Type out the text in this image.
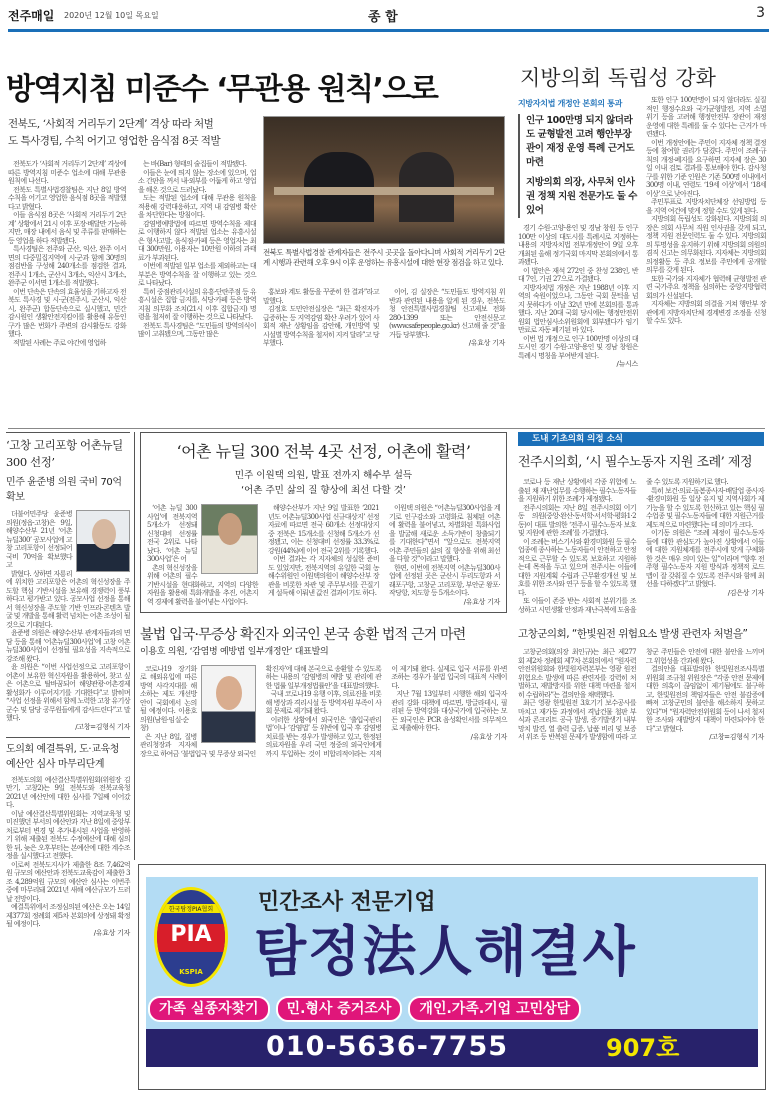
전주매일 2020년 12월 10일 목요일	종 합	3
방역지침 미준수 ‘무관용 원칙’으로
전북도, ‘사회적 거리두기 2단계’ 격상 따라 처벌
도 특사경팀, 수칙 어기고 영업한 음식점 8곳 적발

전북도가 ‘사회적 거리두기 2단계’ 격상에 따른 방역지침 미준수 업소에 대해 무관용 원칙에 나선다.

전북도 특별사법경찰팀은 지난 8일 방역수칙을 어기고 영업한 음식점 8곳을 적발했다고 밝혔다.

이들 음식점 8곳은 ‘사회적 거리두기 2단계’ 상황에서 21시 이후 포장·배달만 가능하지만, 매장 내에서 음식 및 주류를 판매하는 등 영업을 하다 적발됐다.

특사경팀은 전주와 군산, 익산, 완주 이서면의 다중밀집지역에 시·군과 함께 30명의 점검반을 구성해 240개소를 점검한 결과, 전주시 1개소, 군산시 3개소, 익산시 3개소, 완주군 이서면 1개소를 적발했다.

이번 단속은 단속의 효율성을 기하고자 전북도 특사경 및 시·군(전주시, 군산시, 익산시, 완주군) 합동단속으로 실시했고, 민간 감시원인 생활안전지킴이를 활용해 유동인구가 많은 번화가 주변의 감시활동도 강화했다.

적발된 사례는 주로 야간에 영업하

는 바(Bar) 형태의 술집들이 적발됐다.

이들은 눈에 띄지 않는 장소에 있으며, 업소 간판을 꺼서 내·외부를 어둡게 하고 영업을 해온 것으로 드러났다.

도는 적발된 업소에 대해 무관용 원칙을 적용해 강력대응하고, 지역 내 감염병 확산을 차단한다는 방침이다.

감염병예방법에 따르면 방역수칙을 제대로 이행하지 않다 적발된 업소는 유흥시설은 형사고발, 음식점·카페 등은 영업자는 최대 300만원, 이용자는 10만원 이하의 과태료가 부과된다.

이번에 적발된 일부 업소를 제외하고는 대부분은 방역수칙을 잘 이행하고 있는 것으로 나타났다.

특히 중점관리시설의 유흥·단란주점 등 유흥시설은 집합 금지를, 식당·카페 등은 방역지침 의무화 조치(21시 이후 집합금지) 명령을 철저히 잘 이행하는 것으로 나타났다.

전북도 특사경팀은 “도민들의 방역의식이 많이 고취됐으며, 그동안 많은

전북도 특별사법경찰 관계자들은 전주시 곳곳을 돌아다니며 사회적 거리두기 2단계 시행과 관련해 오후 9시 이후 운영하는 유흥시설에 대한 현장 점검을 하고 있다.

홍보와 계도 활동을 꾸준히 한 결과”라고 말했다.

김정호 도민안전실장은 “최근 확진자가 급증하는 등 지역감염 확산 우려가 있어 사회적 재난 상황임을 감안해, 개인방역 및 시설별 방역수칙을 철저히 지켜 달라”고 당부했다.

이어, 김 실장은 “도민들도 방역지침 위반과 관련된 내용을 알게 된 경우, 전북도청 안전특별사법경찰팀 신고제보 전화 280-1399 또는 안전신문고(www.safepeople.go.kr) 신고해 줄 것”을 거듭 당부했다.

/유효상 기자
지방의회 독립성 강화
지방자치법 개정안 본회의 통과
인구 100만명 되지 않더라도 균형발전 고려 행안부장관이 재정 운영 특례 근거도 마련
지방의회 의장, 사무처 인사권 정책 지원 전문가도 둘 수 있어

경기 수원·고양·용인 및 경남 창원 등 인구 100만 이상의 대도시를 특례시로 지정하는 내용의 지방자치법 전부개정안이 9일 오후 개최된 올해 정기국회 마지막 본회의에서 통과됐다.

이 법안은 재석 272인 중 찬성 238인, 반대 7인, 기권 27으로 가결됐다.

지방자치법 개정은 지난 1988년 이후 지역의 숙원이었으나, 그동안 국회 문턱을 넘지 못하다가 이날 32년 만에 본회의를 통과했다. 지난 20대 국회 당시에는 행정안전위원회 법안심사소위원회에 회부됐다가 임기만료로 자동 폐기된 바 있다.

이번 법 개정으로 인구 100만명 이상의 대도시인 경기 수원·고양·용인 및 경남 창원은 특례시 명칭을 부여받게 된다.

/뉴시스

또한 인구 100만명이 되지 않더라도 실질적인 행정수요와 국가균형발전, 지역 소멸 위기 등을 고려해 행정안전부 장관이 재정 운영에 대한 특례를 둘 수 있다는 근거가 마련됐다.

이번 개정안에는 주민이 지자체 정책 결정 등에 참여할 권리가 담겼다. 주민이 조례·규칙의 개정·폐지를 요구하면 지자체 장은 30일 이내 검토 결과를 통보해야 한다. 감사청구를 위한 기준 인원은 기존 500명 이내에서 300명 이내, 연령도 ‘19세 이상’에서 ‘18세 이상’으로 낮아진다.

주민투표로 지방자치단체장 선임방법 등을 지역 여건에 맞게 정할 수도 있게 된다.

지방의회 독립성도 강화된다. 지방의회 의장은 의회 사무처 직원 인사권을 갖게 되고, 정책 지원 전문인력도 둘 수 있다. 지방의회의 투명성을 유지하기 위해 지방의회 의원의 겸직 신고는 의무화된다. 지자체는 지방의회 의정활동 등 주요 정보를 주민에게 공개할 의무를 갖게 된다.

또한 국가와 지자체가 협력해 균형발전 관련 국가주요 정책을 심의하는 중앙지방협력회의가 신설된다.

지자체는 지방의회 의결을 거쳐 행안부 장관에게 지방자치단체 경계변경 조정을 신청할 수도 있다.

‘고창 고리포항 어촌뉴딜 300 선정’
민주 윤준병 의원 국비 70억 확보
더불어민주당 윤준병 의원(정읍·고창)은 9일, 해양수산부 21년 ‘어촌뉴딜300’ 공모사업에 고창 고리포항이 선정되어 국비 70억을 확보했다고

밝혔다. 상하면 자룡리에 위치한 고리포항은 어촌의 혁신성장을 주도할 핵심 기반시설을 보유해 경쟁력이 풍부하다고 평가받고 있다. 공모사업 선정을 통해서 혁신성장을 주도할 기반 인프라·콘텐츠 발굴 및 개발을 통해 활력 넘치는 어촌 조성이 될 것으로 기대된다.

윤준병 의원은 해양수산부 관계자들과의 면담 등을 통해 ‘어촌뉴딜300사업’에 고창 어촌뉴딜300사업이 선정될 필요성을 지속적으로 강조해 왔다.

윤 의원은 “이번 사업선정으로 고리포항이 어촌이 보유한 혁신자원을 활용하여, 찾고 싶은 어촌으로 탈바꿈되어 해양관광·어촌경제 활성화가 이루어지기를 기대한다”고 밝히며 “사업 선정을 위해서 함께 노력한 고창 유기상 군수 및 담당 공무원들에게 감사드린다”고 말했다.

/고창=김형식 기자
도의회 예결특위, 도·교육청 예산안 심사 마무리단계

전북도의회 예산결산특별위원회(위원장 김만기, 고창2)는 9일 전북도와 전북교육청 2021년 예산안에 대한 심사를 7일째 이어갔다.

이날 예산결산특별위원회는 지역교육청 및 미진했던 부서의 예산안과 지난 8일에 중앙부처로부터 변경 및 추가내시된 사업을 반영하기 위해 제출된 전북도 수정예산에 대해 심의한 뒤, 늦은 오후부터는 본예산에 대한 계수조정을 실시했다고 전했다.

이로써 전북도지사가 제출한 8조 7,462억원 규모의 예산안과 전북도교육감이 제출한 3조 4,289억원 규모의 예산안 심사는 이번주 중에 마무리돼 2021년 새해 예산규모가 드러날 전망이다.

예결특위에서 조정심의된 예산은 오는 14일 제377회 정례회 제5차 본회의에 상정돼 확정될 예정이다.

/유효상 기자
‘어촌 뉴딜 300 전북 4곳 선정, 어촌에 활력’
민주 이원택 의원, 발표 전까지 해수부 설득
‘어촌 주민 삶의 질 향상에 최선 다할 것’
‘어촌 뉴딜 300사업’에 전북지역 5개소가 선정돼 신청대비 선정률 전국 2위로 나타났다. ‘어촌 뉴딜 300사업’은 어

촌의 혁신성장을 위해 어촌의 필수 기반시설을 현대화하고, 지역의 다양한 자원을 활용해 특화개발을 추진, 어촌지역 경제에 활력을 불어넣는 사업이다.

해양수산부가 지난 9일 발표한 ‘2021년도 어촌뉴딜300사업 신규대상지’ 선정자료에 따르면 전국 60개소 선정대상지 중 전북은 15개소를 신청해 5개소가 선정됐고, 이는 신청대비 선정률 33.3%로 강원(44%)에 이어 전국 2위를 기록했다.

이번 결과는 각 지자체의 성실한 준비도 있었지만, 전북지역의 유일한 국회 농해수위원인 이원택의원이 해양수산부 장관을 비롯한 차관 및 주무부서를 끈질기게 설득해 이뤄낸 값진 결과이기도 하다.

이원택 의원은 “어촌뉴딜300사업을 계기로 인구감소와 고령화로 침체된 어촌에 활력을 불어넣고, 차별화된 특화사업을 발굴해 새로운 소득기반이 창출되기를 기대한다”면서 “앞으로도 전북지역 어촌 주민들의 삶의 질 향상을 위해 최선을 다할 것”이라고 말했다.

한편, 이번에 전북지역 어촌뉴딜300사업에 선정된 곳은 군산시 두리도항과 서래포구항, 고창군 고리포항, 부안군 왕포·작당항, 치도항 등 5개소이다.

/유효상 기자
불법 입국·무증상 확진자 외국인 본국 송환 법적 근거 마련
이용호 의원, ‘감염병 예방법 일부개정안’ 대표발의
코로나19 장기화로 해외유입에 따른 방역 사각지대를 해소하는 제도 개선방안이 국회에서 논의될 예정이다. 이용호 의원(남원·임실·순창)

은 지난 8일, 질병관리청장과 지자체장으로 하여금 ‘불법입국 및 무증상 외국인 확진자’에 대해 본국으로 송환할 수 있도록 하는 내용의 ‘감염병의 예방 및 관리에 관한 법률 일부개정법률안’을 대표발의했다.

국내 코로나19 유행 이후, 의료진을 비롯해 병상과 격리시설 등 방역자원 부족이 사회 문제로 제기돼 왔다.

이러한 상황에서 외국인은 ‘출입국관리법’이나 ‘감염법’ 등 위반에 입국 후 감염병 치료를 받는 경우가 발생하고 있고, 한정된 의료자원을 우리 국민 정중의 외국인에게까지 투입하는 것이 비합리적이라는 지적이 제기돼 왔다. 실제로 입국 서류를 위·변조하는 경우가 불법 입국의 대표적 사례이다.

지난 7월 13일부터 시행한 해외 입국자 관리 강화 대책에 따르면, 방글라데시, 필리핀 등 방역강화 대상국가에 입국하는 모든 외국인은 PCR 음성확인서를 의무적으로 제출해야 한다.

/유효상 기자
도내 기초의회 의정 소식
전주시의회, ‘시 필수노동자 지원 조례’ 제정

코로나 등 재난 상황에서 각종 위험에 노출된 채 재난업무를 수행하는 필수노동자들을 지원하기 위한 조례가 제정됐다.

전주시의회는 지난 8일 전주시의회 이기동 의원(중앙·완산·동서학·서서학·평화1·2동)이 대표 발의한 ‘전주시 필수노동자 보호 및 지원에 관한 조례’를 가결했다.

이 조례는 버스기사와 환경미화원 등 필수업종에 종사하는 노동자들이 안전하고 안정적으로 근무할 수 있도록 보호하고 지원하는데 목적을 두고 있으며 전주시는 이들에 대한 지원계획 수립과 근무환경개선 및 보호를 위한 조사와 연구 등을 할 수 있도록 했다.

또 이들이 존중 받는 사회적 분위기를 조성하고 시민생활 안정과 재난극복에 도움을 줄 수 있도록 지원하기로 했다.

특히 보건·의료·돌봄종사자·배달업 종사자·환경미화원 등 일상 유지 및 지역사회가 제 기능을 할 수 있도록 헌신하고 있는 핵심 필수업종 및 필수노동자들에 대한 지원근거를 제도적으로 마련했다는 데 의미가 크다.

이기동 의원은 “조례 제정이 필수노동자들에 대한 관심도가 높아진 상황에서 이들에 대한 지원체계를 전주시에 맞게 구체화한 것은 매우 의미 있는 일”이라며 “향후 전주형 필수노동자 지원 방식과 정책적 로드맵이 잘 갖춰질 수 있도록 전주시와 함께 최선을 다하겠다”고 밝혔다.

/김은상 기자
고창군의회, “한빛원전 위험요소 발생 관련자 처벌을”

고창군의회(의장 최인규)는 최근 제277회 제2차 정례회 제7차 본회의에서 “원자력안전위원회와 한빛원자력본부는 영광 원전 위험요소 발생에 따른 관련자를 강력히 처벌하고, 재발방지를 위한 대책 마련을 철저히 수립하라”는 결의안을 채택했다.

최근 영광 한빛원전 3호기기 보수공사를 마치고 재가동 과정에서 격납건물 철판 부식과 콘크리트 공극 발생, 증기발생기 내부 망치 발견, 열 출력 급증, 납품 비리 및 보증서 위조 등 반복된 문제가 발생함에 따라 고창군 주민들은 안전에 대한 불안을 느끼며 그 위험성을 간과해 왔다.

결의안을 대표발의한 한빛원전조사특별위원회 조규철 위원장은 “각종 안전 문제에 대한 의혹이 끊임없이 제기됨에도 불구하고, 한빛원전의 책임자들은 안전 불감증에 빠져 고창군민의 불안을 해소하지 못하고 있다”며 “원자력안전위원회 등이 나서 철저한 조사와 재발방지 대책이 마련되어야 한다”고 밝혔다.

/고창=김형식 기자
PIA
한국탐정PIA협회
KSPIA
민간조사 전문기업
탐정法人해결사
가족 실종자찾기	민.형사 증거조사	개인.가족.기업 고민상담
010-5636-7755	907호
